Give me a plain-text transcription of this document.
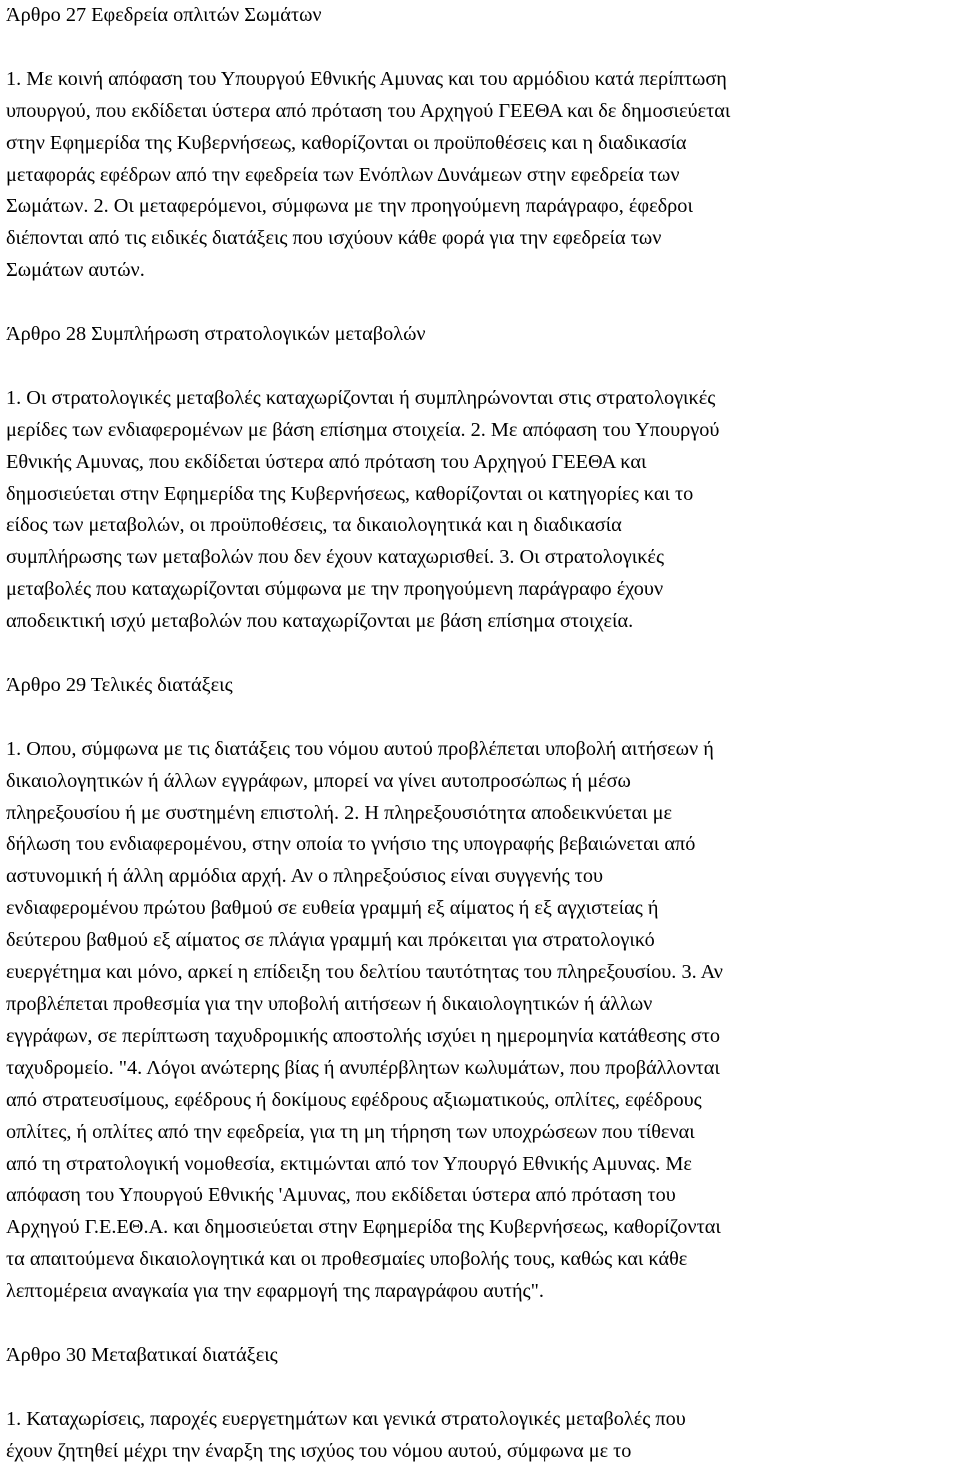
Άρθρο 27 Εφεδρεία οπλιτών Σωμάτων

1. Με κοινή απόφαση του Υπουργού Εθνικής Αμυνας και του αρμόδιου κατά περίπτωση
υπουργού, που εκδίδεται ύστερα από πρόταση του Αρχηγού ΓΕΕΘΑ και δε δημοσιεύεται
στην Εφημερίδα της Κυβερνήσεως, καθορίζονται οι προϋποθέσεις και η διαδικασία
μεταφοράς εφέδρων από την εφεδρεία των Ενόπλων Δυνάμεων στην εφεδρεία των
Σωμάτων. 2. Οι μεταφερόμενοι, σύμφωνα με την προηγούμενη παράγραφο, έφεδροι
διέπονται από τις ειδικές διατάξεις που ισχύουν κάθε φορά για την εφεδρεία των
Σωμάτων αυτών.

Άρθρο 28 Συμπλήρωση στρατολογικών μεταβολών

1. Οι στρατολογικές μεταβολές καταχωρίζονται ή συμπληρώνονται στις στρατολογικές
μερίδες των ενδιαφερομένων με βάση επίσημα στοιχεία. 2. Με απόφαση του Υπουργού
Εθνικής Αμυνας, που εκδίδεται ύστερα από πρόταση του Αρχηγού ΓΕΕΘΑ και
δημοσιεύεται στην Εφημερίδα της Κυβερνήσεως, καθορίζονται οι κατηγορίες και το
είδος των μεταβολών, οι προϋποθέσεις, τα δικαιολογητικά και η διαδικασία
συμπλήρωσης των μεταβολών που δεν έχουν καταχωρισθεί. 3. Οι στρατολογικές
μεταβολές που καταχωρίζονται σύμφωνα με την προηγούμενη παράγραφο έχουν
αποδεικτική ισχύ μεταβολών που καταχωρίζονται με βάση επίσημα στοιχεία.

Άρθρο 29 Τελικές διατάξεις

1. Οπου, σύμφωνα με τις διατάξεις του νόμου αυτού προβλέπεται υποβολή αιτήσεων ή
δικαιολογητικών ή άλλων εγγράφων, μπορεί να γίνει αυτοπροσώπως ή μέσω
πληρεξουσίου ή με συστημένη επιστολή. 2. Η πληρεξουσιότητα αποδεικνύεται με
δήλωση του ενδιαφερομένου, στην οποία το γνήσιο της υπογραφής βεβαιώνεται από
αστυνομική ή άλλη αρμόδια αρχή. Αν ο πληρεξούσιος είναι συγγενής του
ενδιαφερομένου πρώτου βαθμού σε ευθεία γραμμή εξ αίματος ή εξ αγχιστείας ή
δεύτερου βαθμού εξ αίματος σε πλάγια γραμμή και πρόκειται για στρατολογικό
ευεργέτημα και μόνο, αρκεί η επίδειξη του δελτίου ταυτότητας του πληρεξουσίου. 3. Αν
προβλέπεται προθεσμία για την υποβολή αιτήσεων ή δικαιολογητικών ή άλλων
εγγράφων, σε περίπτωση ταχυδρομικής αποστολής ισχύει η ημερομηνία κατάθεσης στο
ταχυδρομείο. "4. Λόγοι ανώτερης βίας ή ανυπέρβλητων κωλυμάτων, που προβάλλονται
από στρατευσίμους, εφέδρους ή δοκίμους εφέδρους αξιωματικούς, οπλίτες, εφέδρους
οπλίτες, ή οπλίτες από την εφεδρεία, για τη μη τήρηση των υποχρώσεων που τίθεναι
από τη στρατολογική νομοθεσία, εκτιμώνται από τον Υπουργό Εθνικής Αμυνας. Με
απόφαση του Υπουργού Εθνικής 'Αμυνας, που εκδίδεται ύστερα από πρόταση του
Αρχηγού Γ.Ε.ΕΘ.Α. και δημοσιεύεται στην Εφημερίδα της Κυβερνήσεως, καθορίζονται
τα απαιτούμενα δικαιολογητικά και οι προθεσμαίες υποβολής τους, καθώς και κάθε
λεπτομέρεια αναγκαία για την εφαρμογή της παραγράφου αυτής".

Άρθρο 30 Μεταβατικαί διατάξεις

1. Καταχωρίσεις, παροχές ευεργετημάτων και γενικά στρατολογικές μεταβολές που
έχουν ζητηθεί μέχρι την έναρξη της ισχύος του νόμου αυτού, σύμφωνα με το
